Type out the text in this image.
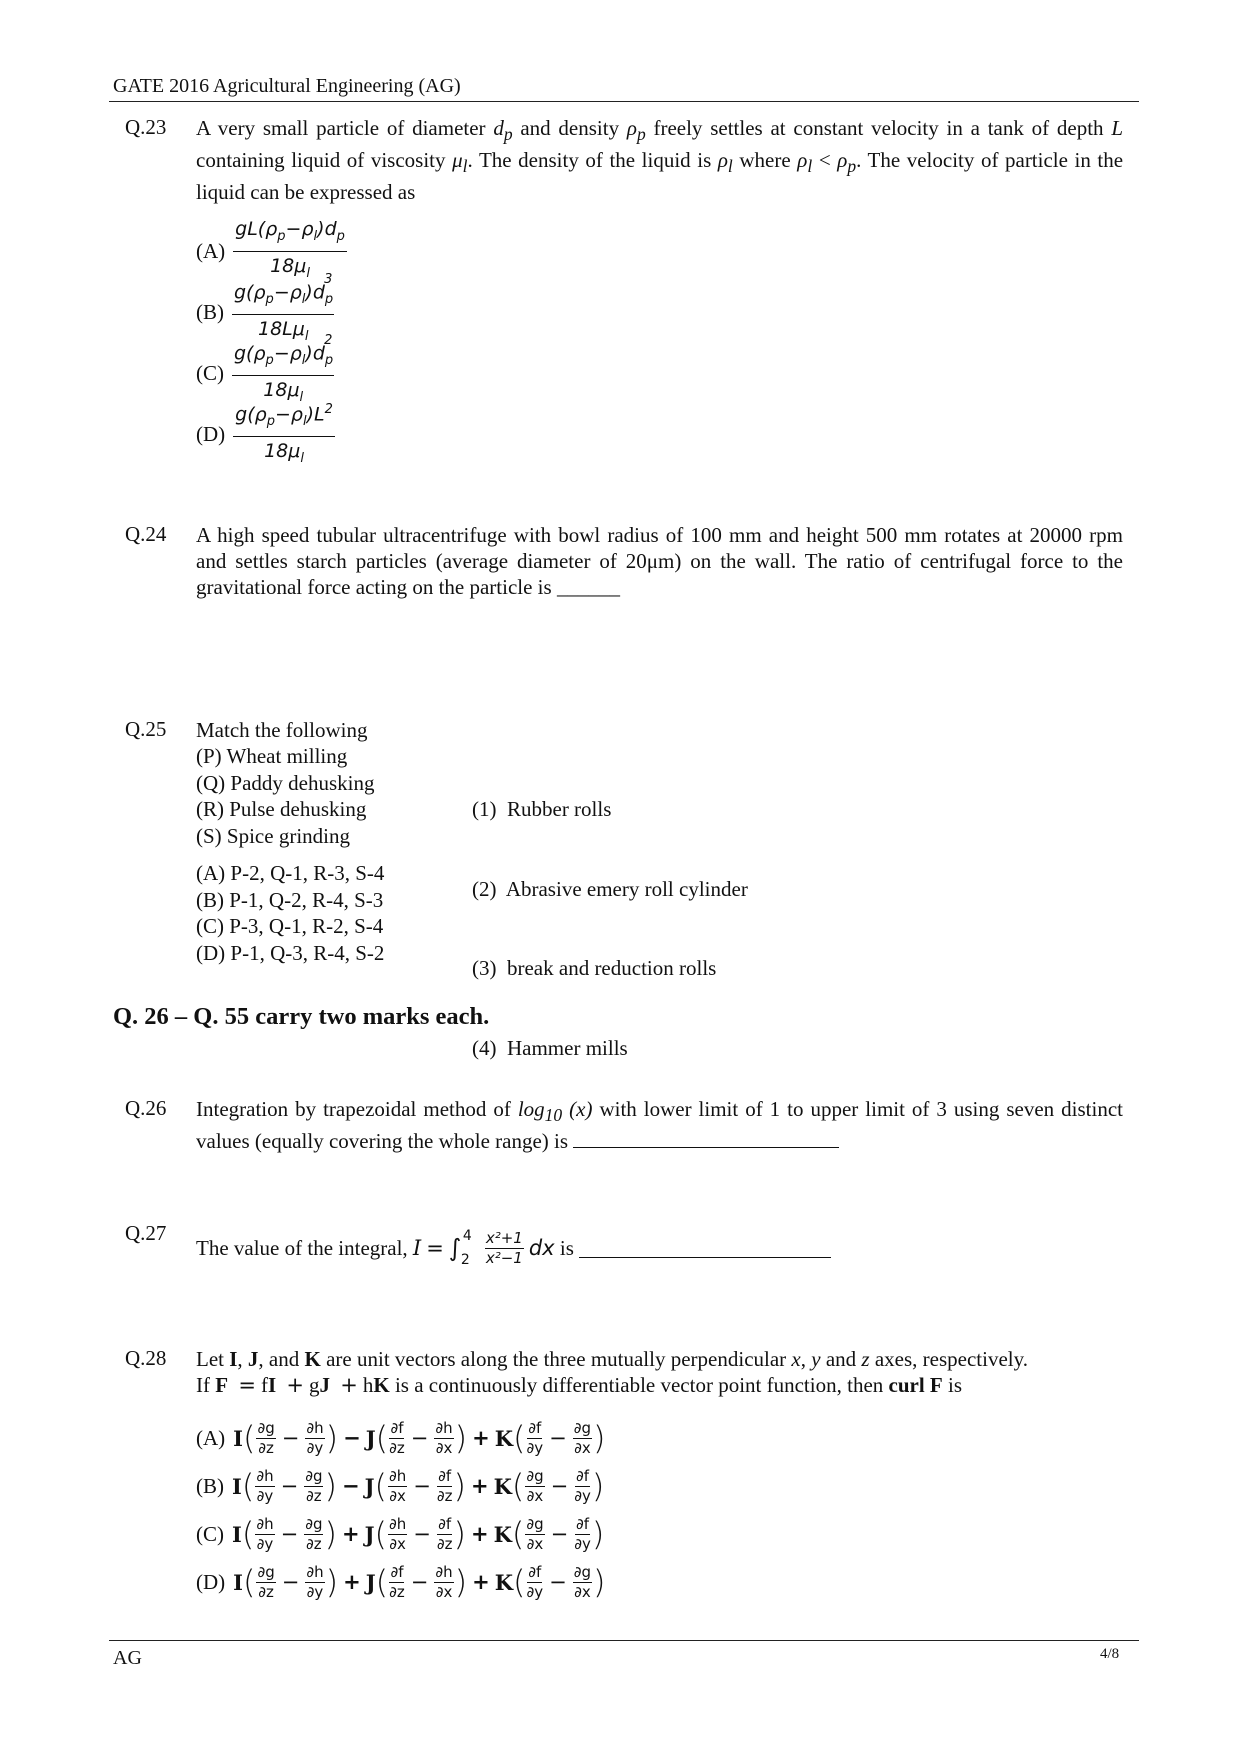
GATE 2016 Agricultural Engineering (AG)
Q.23 A very small particle of diameter $d_p$ and density $\rho_p$ freely settles at constant velocity in a tank of depth L containing liquid of viscosity $\mu_l$. The density of the liquid is $\rho_l$ where $\rho_l < \rho_p$. The velocity of particle in the liquid can be expressed as
$(A) \frac{gL(\rho_p-\rho_l)d_p}{18\mu_l}$
$(B) \frac{g(\rho_p-\rho_l)d_p^3}{18L\mu_l}$
$(C) \frac{g(\rho_p-\rho_l)d_p^2}{18\mu_l}$
$(D) \frac{g(\rho_p-\rho_l)L^2}{18\mu_l}$
Q.24 A high speed tubular ultracentrifuge with bowl radius of 100 mm and height 500 mm rotates at 20000 rpm and settles starch particles (average diameter of 20μm) on the wall. The ratio of centrifugal force to the gravitational force acting on the particle is ______
Q.25 Match the following
(P) Wheat milling
(Q) Paddy dehusking
(R) Pulse dehusking
(S) Spice grinding

(1)  Rubber rolls

(2)  Abrasive emery roll cylinder

(3)  break and reduction rolls

(4)  Hammer mills

(A) P-2, Q-1, R-3, S-4
(B) P-1, Q-2, R-4, S-3
(C) P-3, Q-1, R-2, S-4
(D) P-1, Q-3, R-4, S-2
Q. 26 – Q. 55 carry two marks each.
Q.26 Integration by trapezoidal method of $\log_{10} (x)$ with lower limit of 1 to upper limit of 3 using seven distinct values (equally covering the whole range) is
Q.27
The value of the integral,
I = ∫ 4
2
x²+1
x²−1 dx
is

Q.28 Let I, J, and K are unit vectors along the three mutually perpendicular x, y and z axes, respectively.
If F = fI + gJ + hK is a continuously differentiable vector point function, then curl F is
(A) I ( $\frac{\partial g}{\partial z} - \frac{\partial h}{\partial y}$ ) − J ( $\frac{\partial f}{\partial z} - \frac{\partial h}{\partial x}$ ) + K ( $\frac{\partial f}{\partial y} - \frac{\partial g}{\partial x}$ )
(B) I ( $\frac{\partial h}{\partial y} - \frac{\partial g}{\partial z}$ ) − J ( $\frac{\partial h}{\partial x} - \frac{\partial f}{\partial z}$ ) + K ( $\frac{\partial g}{\partial x} - \frac{\partial f}{\partial y}$ )
(C) I ( $\frac{\partial h}{\partial y} - \frac{\partial g}{\partial z}$ ) + J ( $\frac{\partial h}{\partial x} - \frac{\partial f}{\partial z}$ ) + K ( $\frac{\partial g}{\partial x} - \frac{\partial f}{\partial y}$ )
(D) I ( $\frac{\partial g}{\partial z} - \frac{\partial h}{\partial y}$ ) + J ( $\frac{\partial f}{\partial z} - \frac{\partial h}{\partial x}$ ) + K ( $\frac{\partial f}{\partial y} - \frac{\partial g}{\partial x}$ )
AG	4/8
